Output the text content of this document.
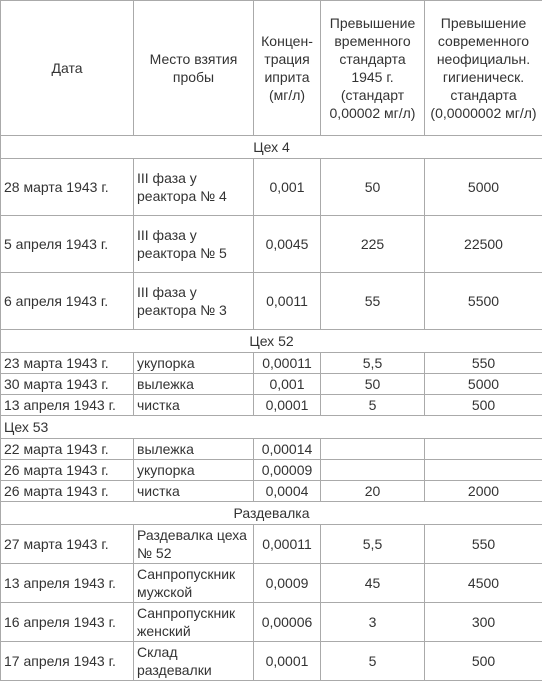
Дата	Место взятия пробы	Концен-трация иприта (мг/л)	Превышение временного стандарта 1945 г. (стандарт 0,00002 мг/л)	Превышение современного неофициальн. гигиеническ. стандарта (0,0000002 мг/л)
Цех 4				
28 марта 1943 г.	III фаза у реактора № 4	0,001	50	5000
5 апреля 1943 г.	III фаза у реактора № 5	0,0045	225	22500
6 апреля 1943 г.	III фаза у реактора № 3	0,0011	55	5500
Цех 52				
23 марта 1943 г.	укупорка	0,00011	5,5	550
30 марта 1943 г.	вылежка	0,001	50	5000
13 апреля 1943 г.	чистка	0,0001	5	500
Цех 53				
22 марта 1943 г.	вылежка	0,00014		
26 марта 1943 г.	укупорка	0,00009		
26 марта 1943 г.	чистка	0,0004	20	2000
Раздевалка				
27 марта 1943 г.	Раздевалка цеха № 52	0,00011	5,5	550
13 апреля 1943 г.	Санпропускник мужской	0,0009	45	4500
16 апреля 1943 г.	Санпропускник женский	0,00006	3	300
17 апреля 1943 г.	Склад раздевалки	0,0001	5	500
